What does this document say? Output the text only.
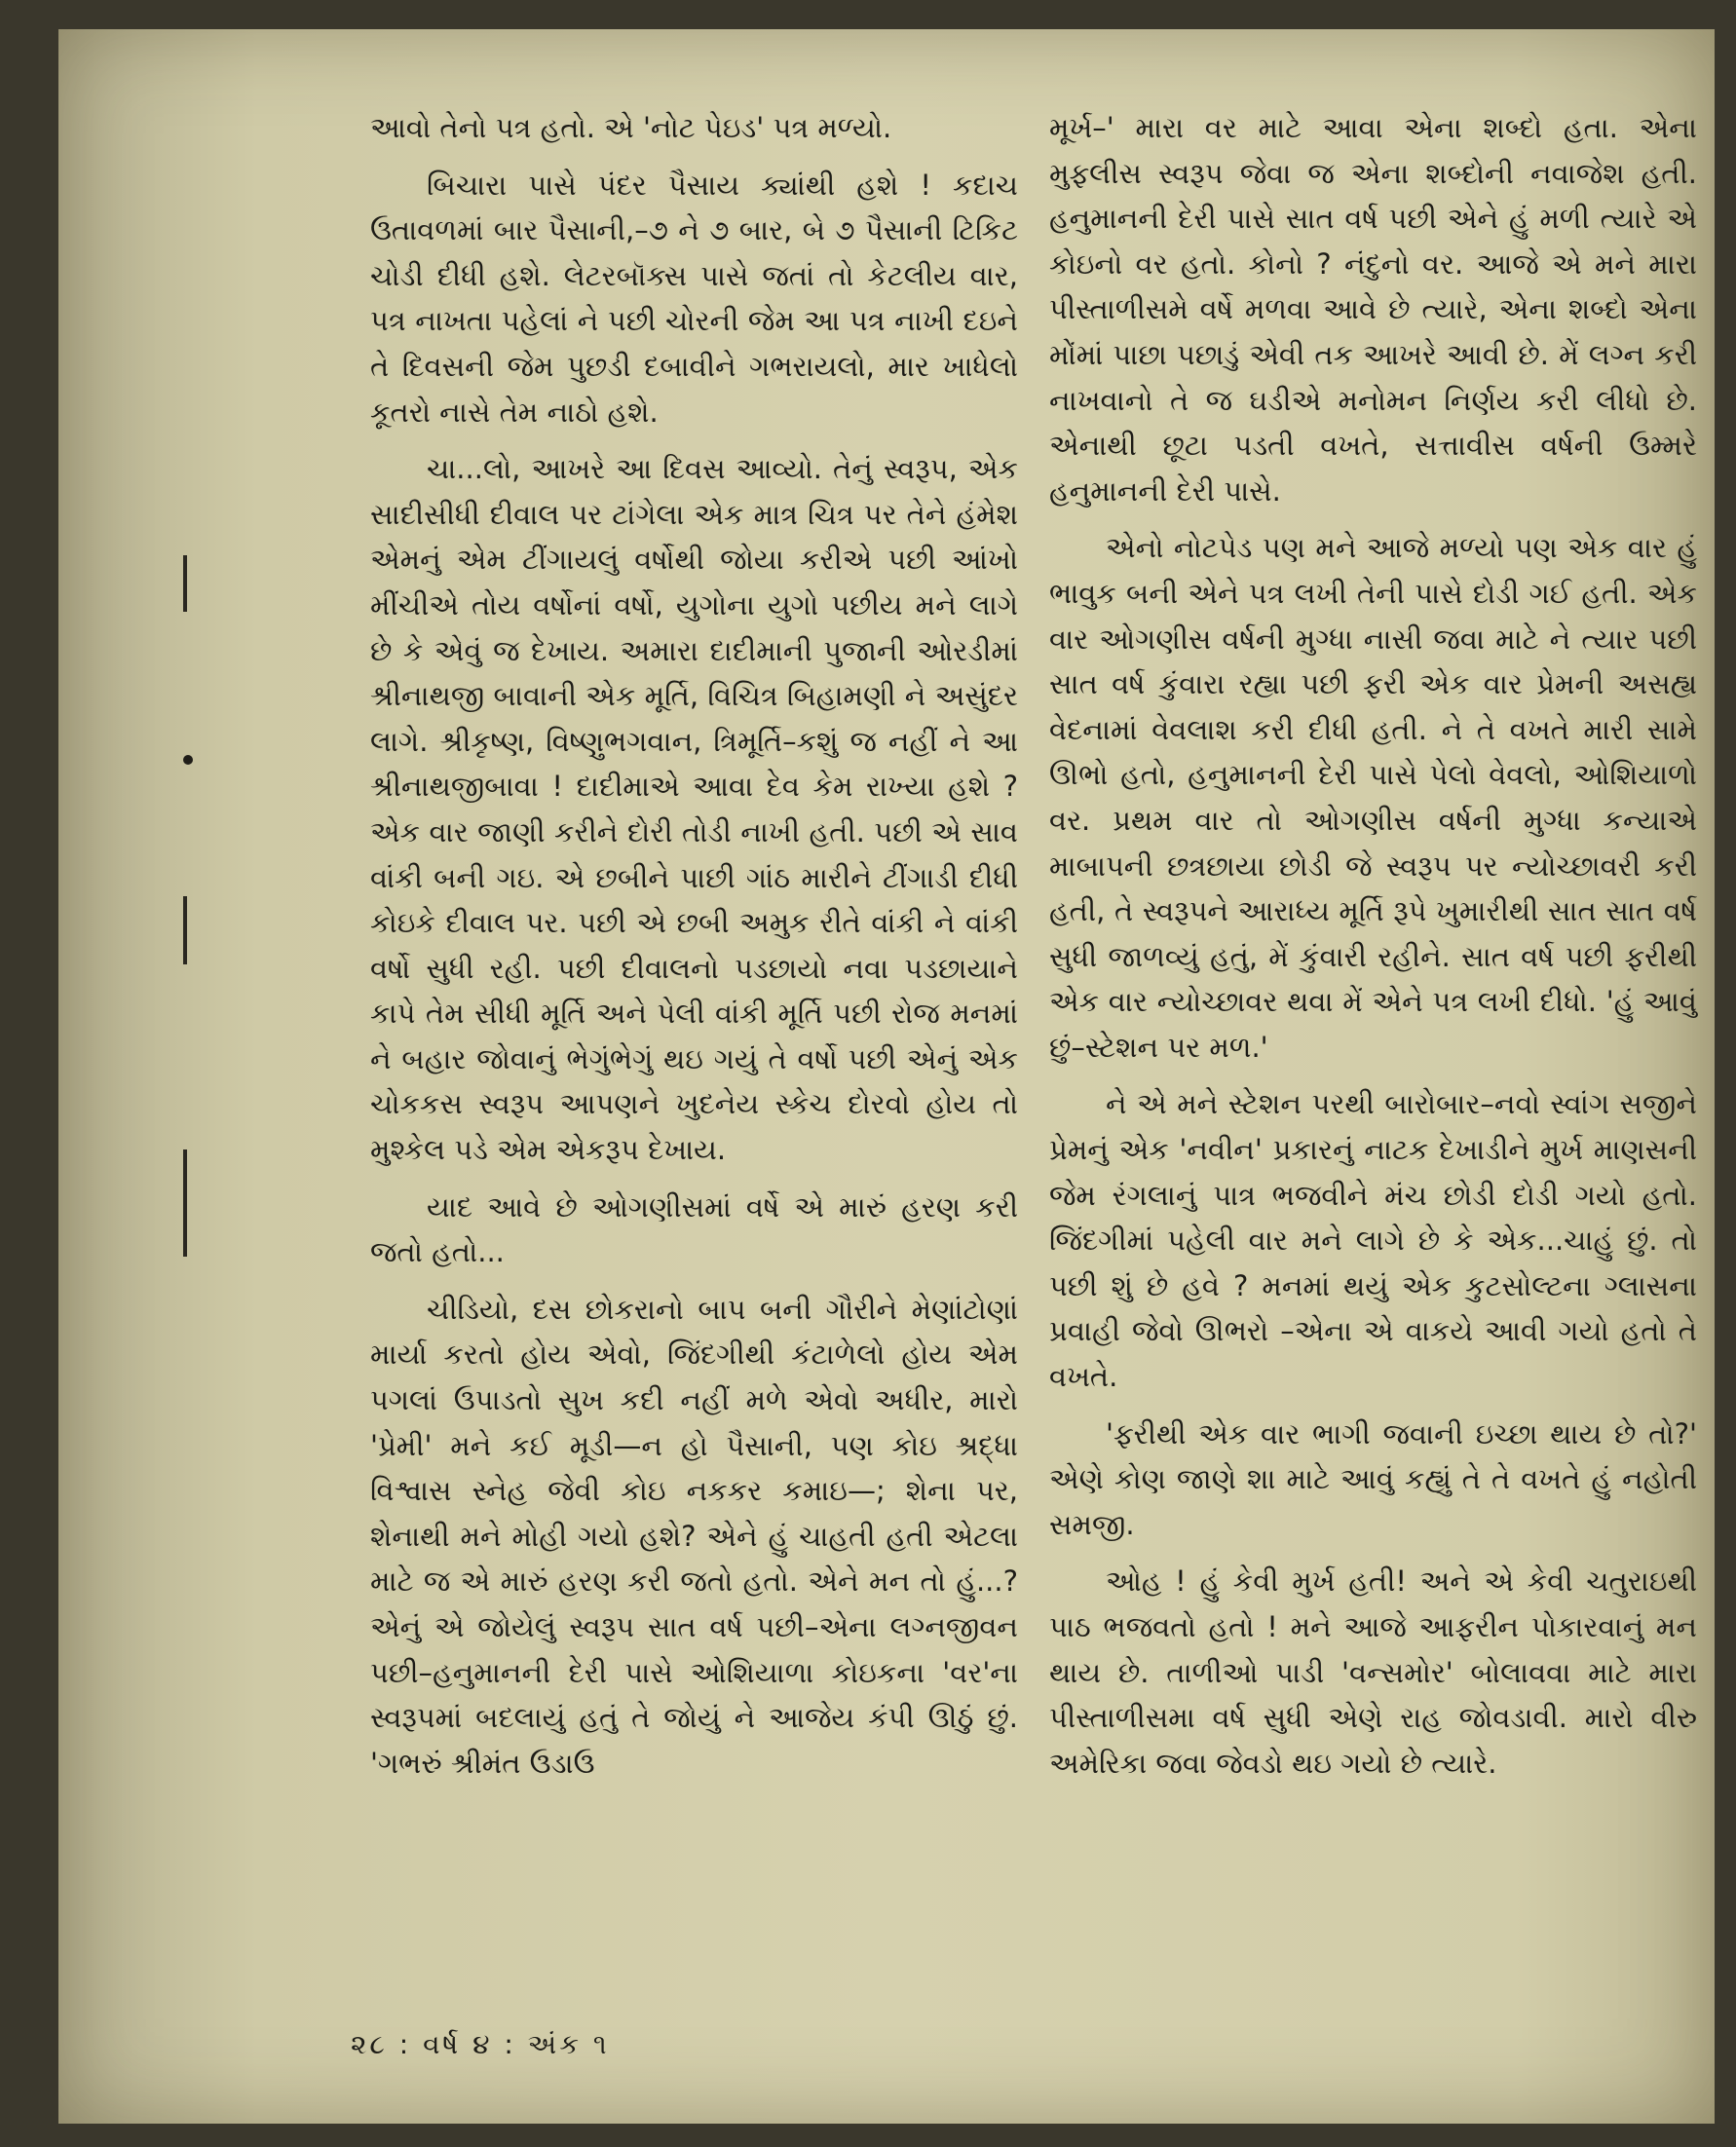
આવો તેનો પત્ર હતો. એ 'નોટ પેઇડ' પત્ર મળ્યો.

બિચારા પાસે પંદર પૈસાય ક્યાંથી હશે ! કદાચ ઉતાવળમાં બાર પૈસાની,–૭ ને ૭ બાર, બે ૭ પૈસાની ટિકિટ ચોડી દીધી હશે. લેટરબૉક્સ પાસે જતાં તો કેટલીય વાર, પત્ર નાખતા પહેલાં ને પછી ચોરની જેમ આ પત્ર નાખી દઇને તે દિવસની જેમ પુછડી દબાવીને ગભરાયલો, માર ખાધેલો કૂતરો નાસે તેમ નાઠો હશે.

ચા...લો, આખરે આ દિવસ આવ્યો. તેનું સ્વરૂપ, એક સાદીસીધી દીવાલ પર ટાંગેલા એક માત્ર ચિત્ર પર તેને હંમેશ એમનું એમ ટીંગાયલું વર્ષોથી જોયા કરીએ પછી આંખો મીંચીએ તોય વર્ષોનાં વર્ષો, યુગોના યુગો પછીય મને લાગે છે કે એવું જ દેખાય. અમારા દાદીમાની પુજાની ઓરડીમાં શ્રીનાથજી બાવાની એક મૂર્તિ, વિચિત્ર બિહામણી ને અસુંદર લાગે. શ્રીકૃષ્ણ, વિષ્ણુભગવાન, ત્રિમૂર્તિ–કશું જ નહીં ને આ શ્રીનાથજીબાવા ! દાદીમાએ આવા દેવ કેમ રાખ્યા હશે ? એક વાર જાણી કરીને દોરી તોડી નાખી હતી. પછી એ સાવ વાંકી બની ગઇ. એ છબીને પાછી ગાંઠ મારીને ટીંગાડી દીધી કોઇકે દીવાલ પર. પછી એ છબી અમુક રીતે વાંકી ને વાંકી વર્ષો સુધી રહી. પછી દીવાલનો પડછાયો નવા પડછાયાને કાપે તેમ સીધી મૂર્તિ અને પેલી વાંકી મૂર્તિ પછી રોજ મનમાં ને બહાર જોવાનું ભેગુંભેગું થઇ ગયું તે વર્ષો પછી એનું એક ચોકકસ સ્વરૂપ આપણને ખુદનેય સ્કેચ દોરવો હોય તો મુશ્કેલ પડે એમ એકરૂપ દેખાય.

યાદ આવે છે ઓગણીસમાં વર્ષે એ મારું હરણ કરી જતો હતો...

ચીડિયો, દસ છોકરાનો બાપ બની ગૌરીને મેણાંટોણાં માર્યા કરતો હોય એવો, જિંદગીથી કંટાળેલો હોય એમ પગલાં ઉપાડતો સુખ કદી નહીં મળે એવો અધીર, મારો 'પ્રેમી' મને કઈ મૂડી—ન હો પૈસાની, પણ કોઇ શ્રદ્ધા વિશ્વાસ સ્નેહ જેવી કોઇ નકકર કમાઇ—; શેના પર, શેનાથી મને મોહી ગયો હશે? એને હું ચાહતી હતી એટલા માટે જ એ મારું હરણ કરી જતો હતો. એને મન તો હું...? એનું એ જોયેલું સ્વરૂપ સાત વર્ષ પછી–એના લગ્નજીવન પછી–હનુમાનની દેરી પાસે ઓશિયાળા કોઇકના 'વર'ના સ્વરૂપમાં બદલાયું હતું તે જોયું ને આજેય કંપી ઊઠું છું. 'ગભરું શ્રીમંત ઉડાઉ

મૂર્ખ–' મારા વર માટે આવા એના શબ્દો હતા. એના મુફલીસ સ્વરૂપ જેવા જ એના શબ્દોની નવાજેશ હતી. હનુમાનની દેરી પાસે સાત વર્ષ પછી એને હું મળી ત્યારે એ કોઇનો વર હતો. કોનો ? નંદુનો વર. આજે એ મને મારા પીસ્તાળીસમે વર્ષે મળવા આવે છે ત્યારે, એના શબ્દો એના મોંમાં પાછા પછાડું એવી તક આખરે આવી છે. મેં લગ્ન કરી નાખવાનો તે જ ઘડીએ મનોમન નિર્ણય કરી લીધો છે. એનાથી છૂટા પડતી વખતે, સત્તાવીસ વર્ષની ઉમ્મરે હનુમાનની દેરી પાસે.

એનો નોટપેડ પણ મને આજે મળ્યો પણ એક વાર હું ભાવુક બની એને પત્ર લખી તેની પાસે દોડી ગઈ હતી. એક વાર ઓગણીસ વર્ષની મુગ્ધા નાસી જવા માટે ને ત્યાર પછી સાત વર્ષ કુંવારા રહ્યા પછી ફરી એક વાર પ્રેમની અસહ્ય વેદનામાં વેવલાશ કરી દીધી હતી. ને તે વખતે મારી સામે ઊભો હતો, હનુમાનની દેરી પાસે પેલો વેવલો, ઓશિયાળો વર. પ્રથમ વાર તો ઓગણીસ વર્ષની મુગ્ધા કન્યાએ માબાપની છત્રછાયા છોડી જે સ્વરૂપ પર ન્યોચ્છાવરી કરી હતી, તે સ્વરૂપને આરાધ્ય મૂર્તિ રૂપે ખુમારીથી સાત સાત વર્ષ સુધી જાળવ્યું હતું, મેં કુંવારી રહીને. સાત વર્ષ પછી ફરીથી એક વાર ન્યોચ્છાવર થવા મેં એને પત્ર લખી દીધો. 'હું આવું છું–સ્ટેશન પર મળ.'

ને એ મને સ્ટેશન પરથી બારોબાર–નવો સ્વાંગ સજીને પ્રેમનું એક 'નવીન' પ્રકારનું નાટક દેખાડીને મુર્ખ માણસની જેમ રંગલાનું પાત્ર ભજવીને મંચ છોડી દોડી ગયો હતો. જિંદગીમાં પહેલી વાર મને લાગે છે કે એક...ચાહું છું. તો પછી શું છે હવે ? મનમાં થયું એક કુટસોલ્ટના ગ્લાસના પ્રવાહી જેવો ઊભરો –એના એ વાકયે આવી ગયો હતો તે વખતે.

'ફરીથી એક વાર ભાગી જવાની ઇચ્છા થાય છે તો?' એણે કોણ જાણે શા માટે આવું કહ્યું તે તે વખતે હું નહોતી સમજી.

ઓહ ! હું કેવી મુર્ખ હતી! અને એ કેવી ચતુરાઇથી પાઠ ભજવતો હતો ! મને આજે આફરીન પોકારવાનું મન થાય છે. તાળીઓ પાડી 'વન્સમોર' બોલાવવા માટે મારા પીસ્તાળીસમા વર્ષ સુધી એણે રાહ જોવડાવી. મારો વીરુ અમેરિકા જવા જેવડો થઇ ગયો છે ત્યારે.

૨૮ : વર્ષ ૪ : અંક ૧
